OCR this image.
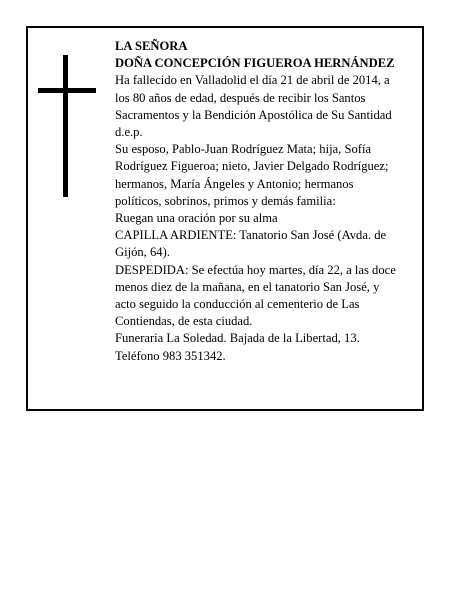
LA SEÑORA

DOÑA CONCEPCIÓN FIGUEROA HERNÁNDEZ

Ha fallecido en Valladolid el día 21 de abril de 2014, a

los 80 años de edad, después de recibir los Santos

Sacramentos y la Bendición Apostólica de Su Santidad

d.e.p.

Su esposo, Pablo-Juan Rodríguez Mata; hija, Sofía

Rodríguez Figueroa; nieto, Javier Delgado Rodríguez;

hermanos, María Ángeles y Antonio; hermanos

políticos, sobrinos, primos y demás familia:

Ruegan una oración por su alma

CAPILLA ARDIENTE: Tanatorio San José (Avda. de

Gijón, 64).

DESPEDIDA: Se efectúa hoy martes, día 22, a las doce

menos diez de la mañana, en el tanatorio San José, y

acto seguido la conducción al cementerio de Las

Contiendas, de esta ciudad.

Funeraria La Soledad. Bajada de la Libertad, 13.

Teléfono 983 351342.
